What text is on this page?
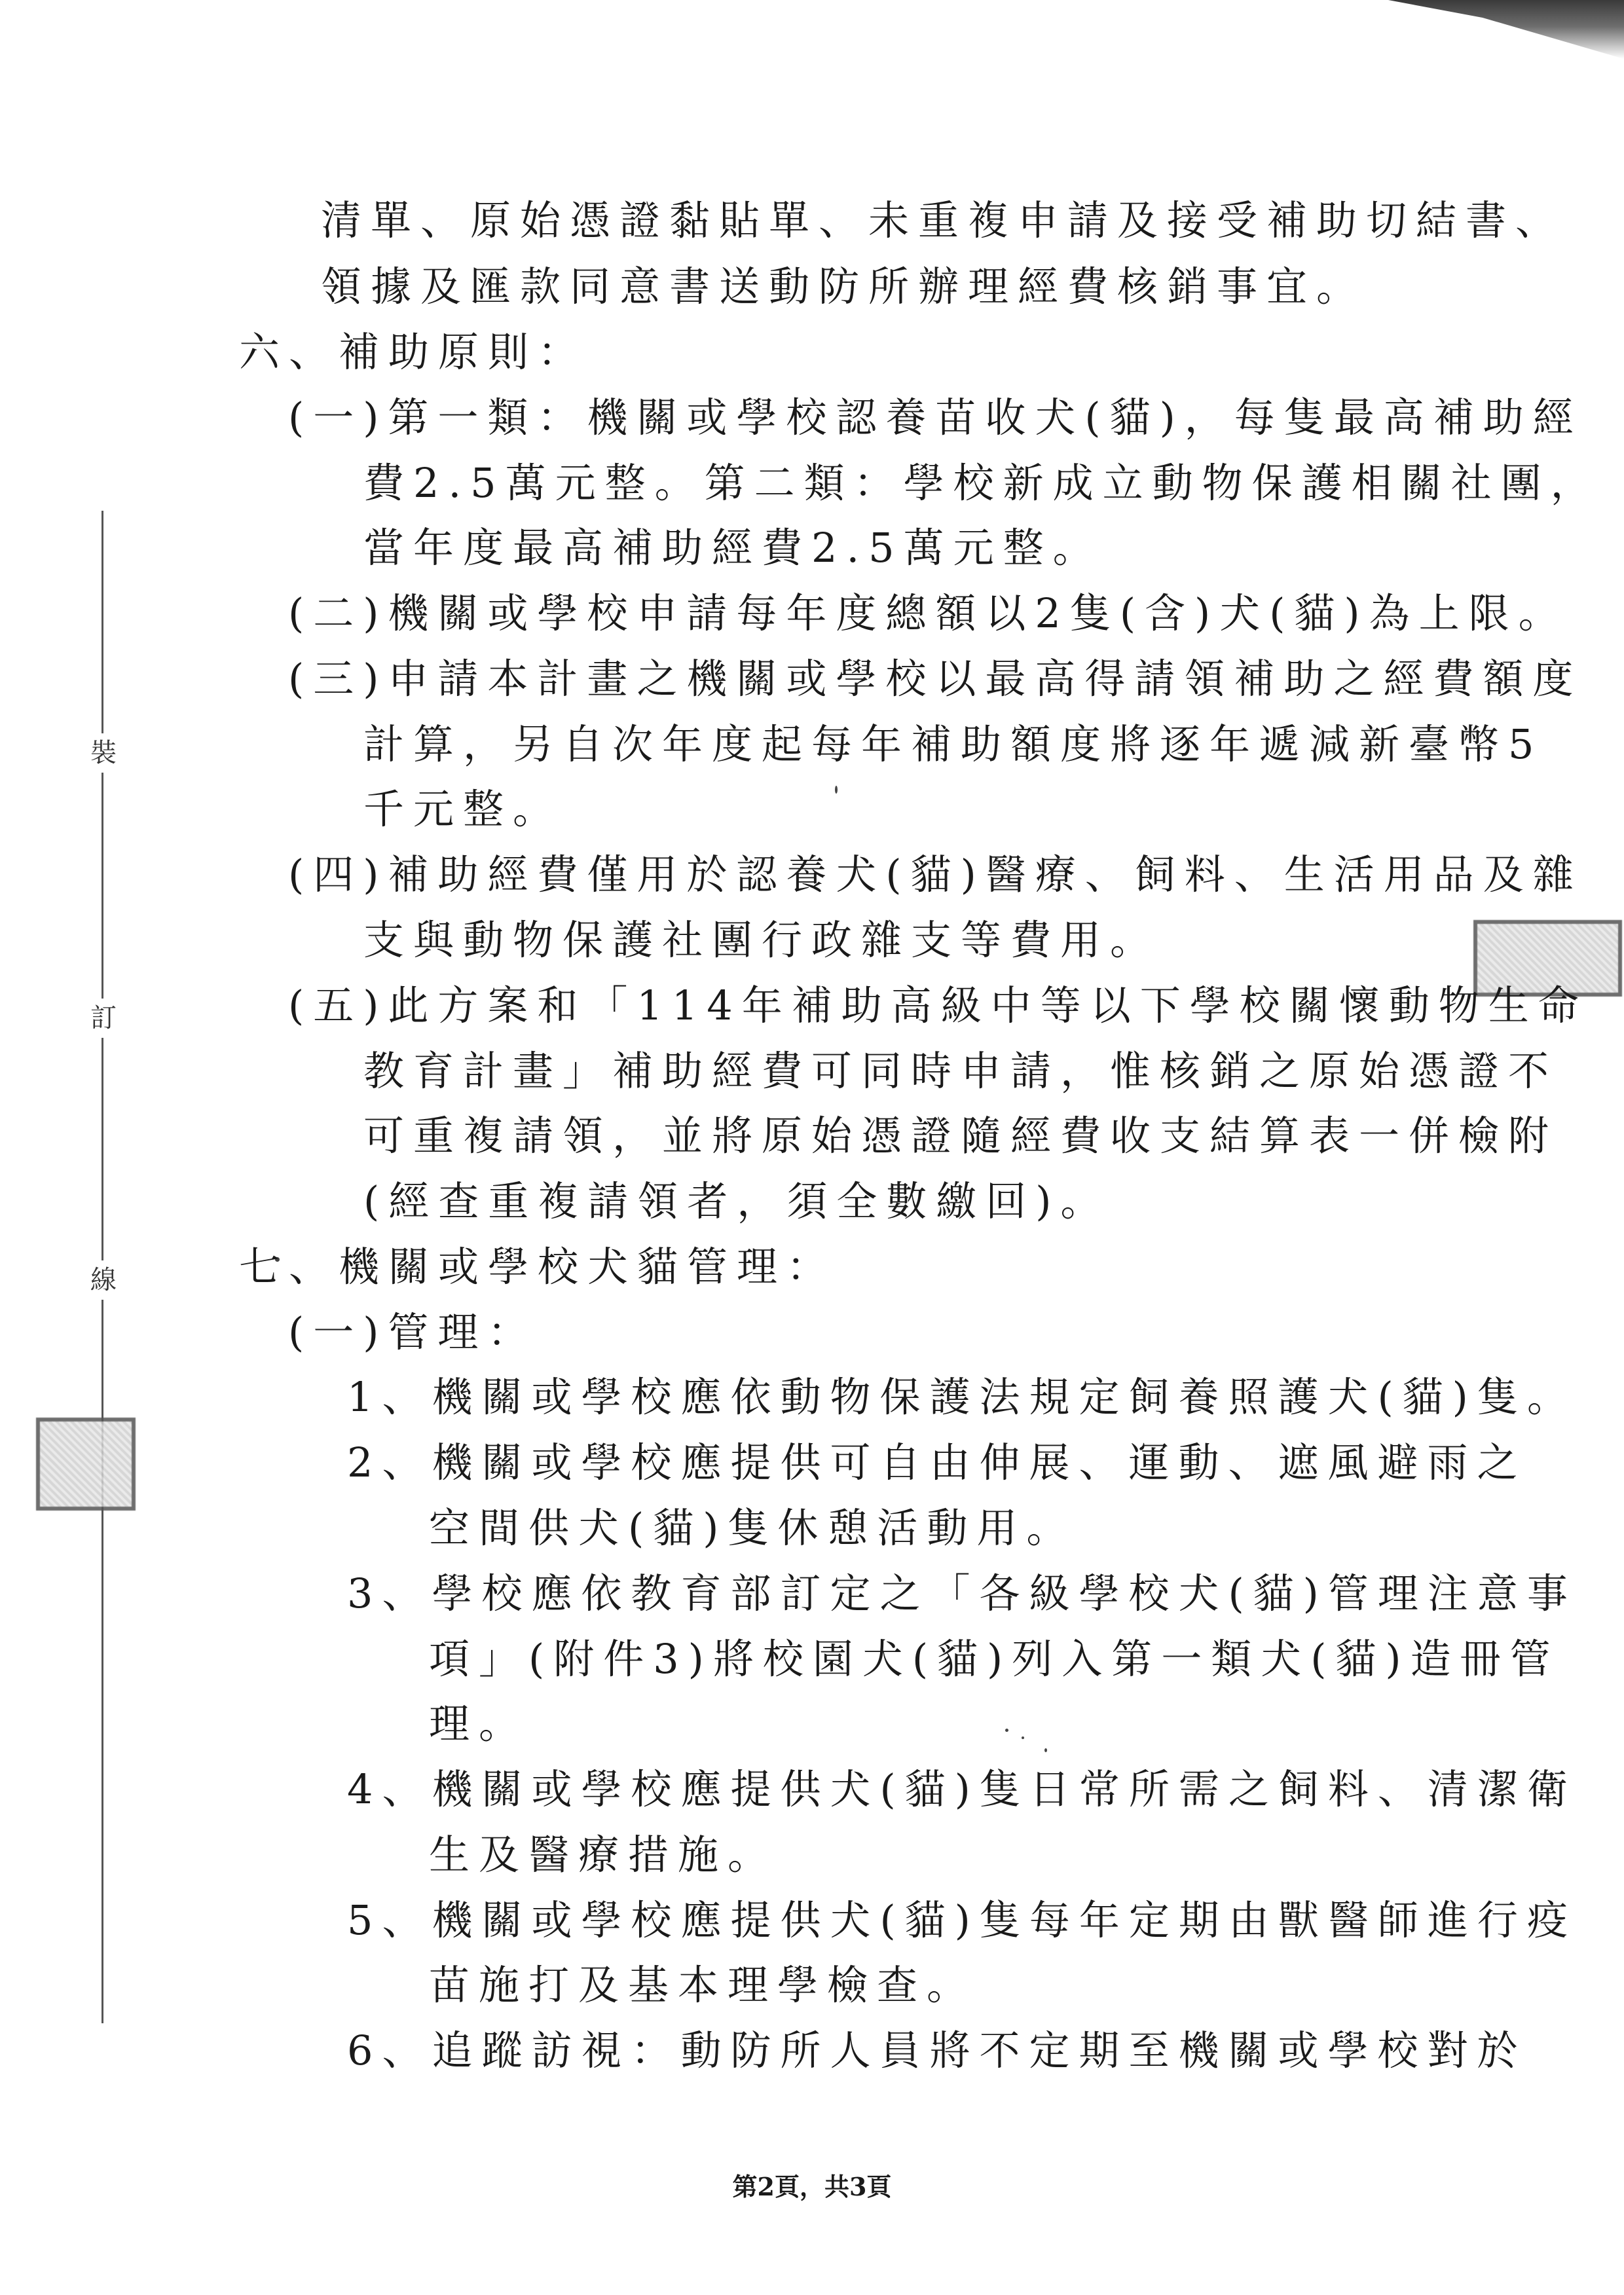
裝
訂
線
清單、原始憑證黏貼單、未重複申請及接受補助切結書、
領據及匯款同意書送動防所辦理經費核銷事宜。
六、補助原則：
(一)第一類：機關或學校認養苗收犬(貓)，每隻最高補助經
費2.5萬元整。第二類：學校新成立動物保護相關社團，
當年度最高補助經費2.5萬元整。
(二)機關或學校申請每年度總額以2隻(含)犬(貓)為上限。
(三)申請本計畫之機關或學校以最高得請領補助之經費額度
計算，另自次年度起每年補助額度將逐年遞減新臺幣5
千元整。
(四)補助經費僅用於認養犬(貓)醫療、飼料、生活用品及雜
支與動物保護社團行政雜支等費用。
(五)此方案和「114年補助高級中等以下學校關懷動物生命
教育計畫」補助經費可同時申請，惟核銷之原始憑證不
可重複請領，並將原始憑證隨經費收支結算表一併檢附
(經查重複請領者，須全數繳回)。
七、機關或學校犬貓管理：
(一)管理：
1、機關或學校應依動物保護法規定飼養照護犬(貓)隻。
2、機關或學校應提供可自由伸展、運動、遮風避雨之
空間供犬(貓)隻休憩活動用。
3、學校應依教育部訂定之「各級學校犬(貓)管理注意事
項」(附件3)將校園犬(貓)列入第一類犬(貓)造冊管
理。
4、機關或學校應提供犬(貓)隻日常所需之飼料、清潔衛
生及醫療措施。
5、機關或學校應提供犬(貓)隻每年定期由獸醫師進行疫
苗施打及基本理學檢查。
6、追蹤訪視：動防所人員將不定期至機關或學校對於
第2頁，共3頁
